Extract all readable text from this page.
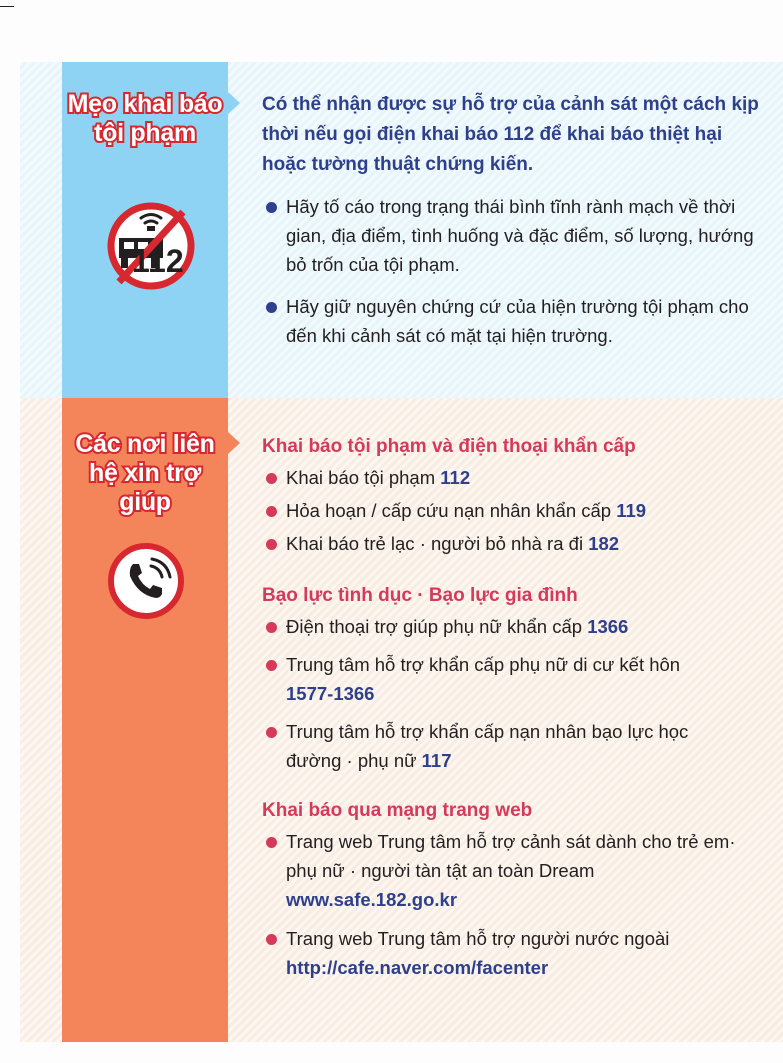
Mẹo khai báo tội phạm
112
Có thể nhận được sự hỗ trợ của cảnh sát một cách kịp thời nếu gọi điện khai báo 112 để khai báo thiệt hại hoặc tường thuật chứng kiến.
Hãy tố cáo trong trạng thái bình tĩnh rành mạch về thời gian, địa điểm, tình huống và đặc điểm, số lượng, hướng bỏ trốn của tội phạm.
Hãy giữ nguyên chứng cứ của hiện trường tội phạm cho đến khi cảnh sát có mặt tại hiện trường.
Các nơi liên hệ xin trợ giúp
Khai báo tội phạm và điện thoại khẩn cấp
Khai báo tội phạm 112
Hỏa hoạn / cấp cứu nạn nhân khẩn cấp 119
Khai báo trẻ lạc · người bỏ nhà ra đi 182
Bạo lực tình dục · Bạo lực gia đình
Điện thoại trợ giúp phụ nữ khẩn cấp 1366
Trung tâm hỗ trợ khẩn cấp phụ nữ di cư kết hôn 1577-1366
Trung tâm hỗ trợ khẩn cấp nạn nhân bạo lực học đường · phụ nữ 117
Khai báo qua mạng trang web
Trang web Trung tâm hỗ trợ cảnh sát dành cho trẻ em· phụ nữ · người tàn tật an toàn Dream
www.safe.182.go.kr
Trang web Trung tâm hỗ trợ người nước ngoài
http://cafe.naver.com/facenter
